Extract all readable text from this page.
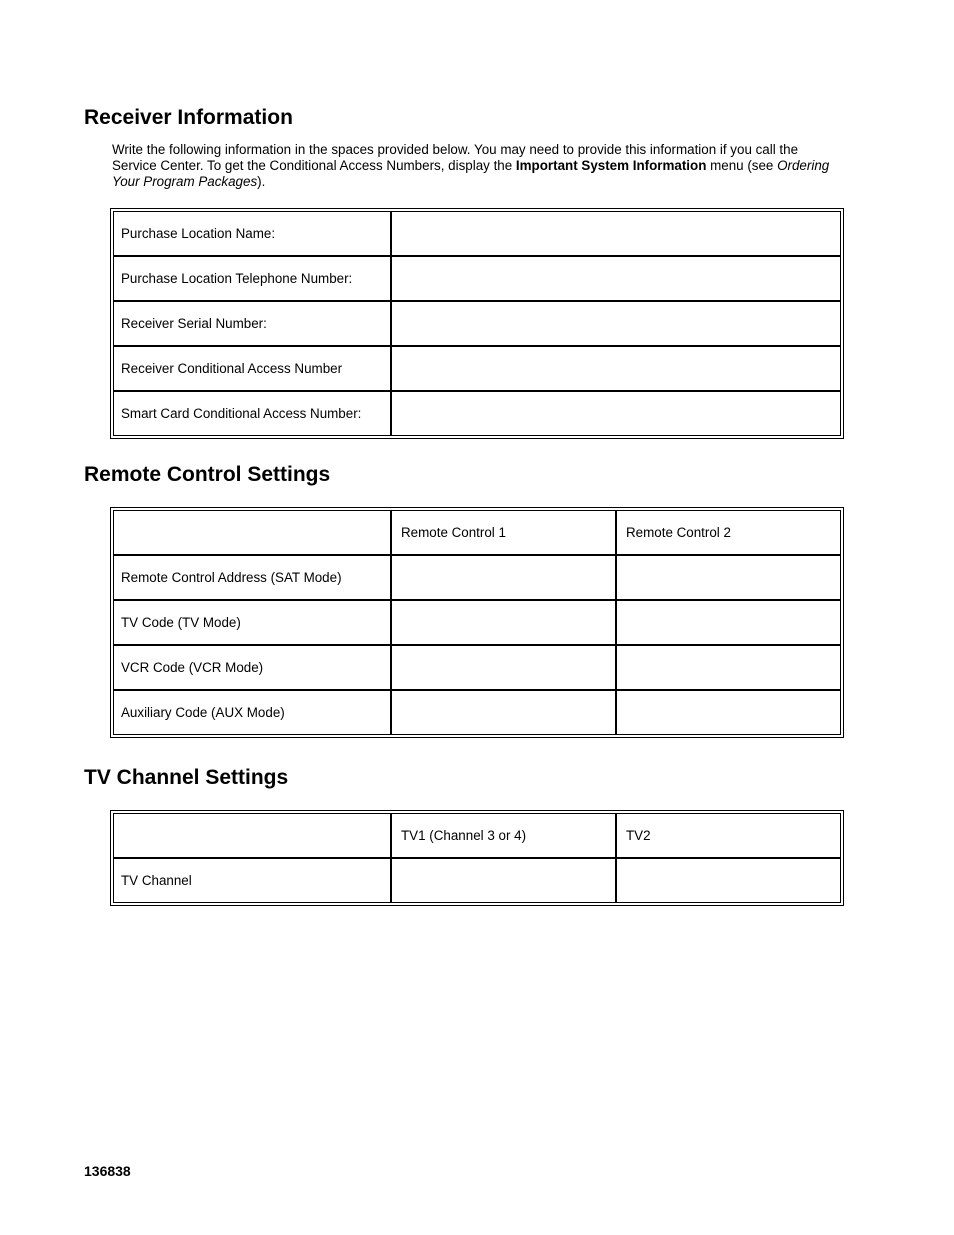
Receiver Information

Write the following information in the spaces provided below. You may need to provide this information if you call the Service Center. To get the Conditional Access Numbers, display the Important System Information menu (see Ordering Your Program Packages).

Purchase Location Name:	
Purchase Location Telephone Number:	
Receiver Serial Number:	
Receiver Conditional Access Number	
Smart Card Conditional Access Number:	
Remote Control Settings
	Remote Control 1	Remote Control 2
Remote Control Address (SAT Mode)		
TV Code (TV Mode)		
VCR Code (VCR Mode)		
Auxiliary Code (AUX Mode)		
TV Channel Settings
	TV1 (Channel 3 or 4)	TV2
TV Channel		
136838
